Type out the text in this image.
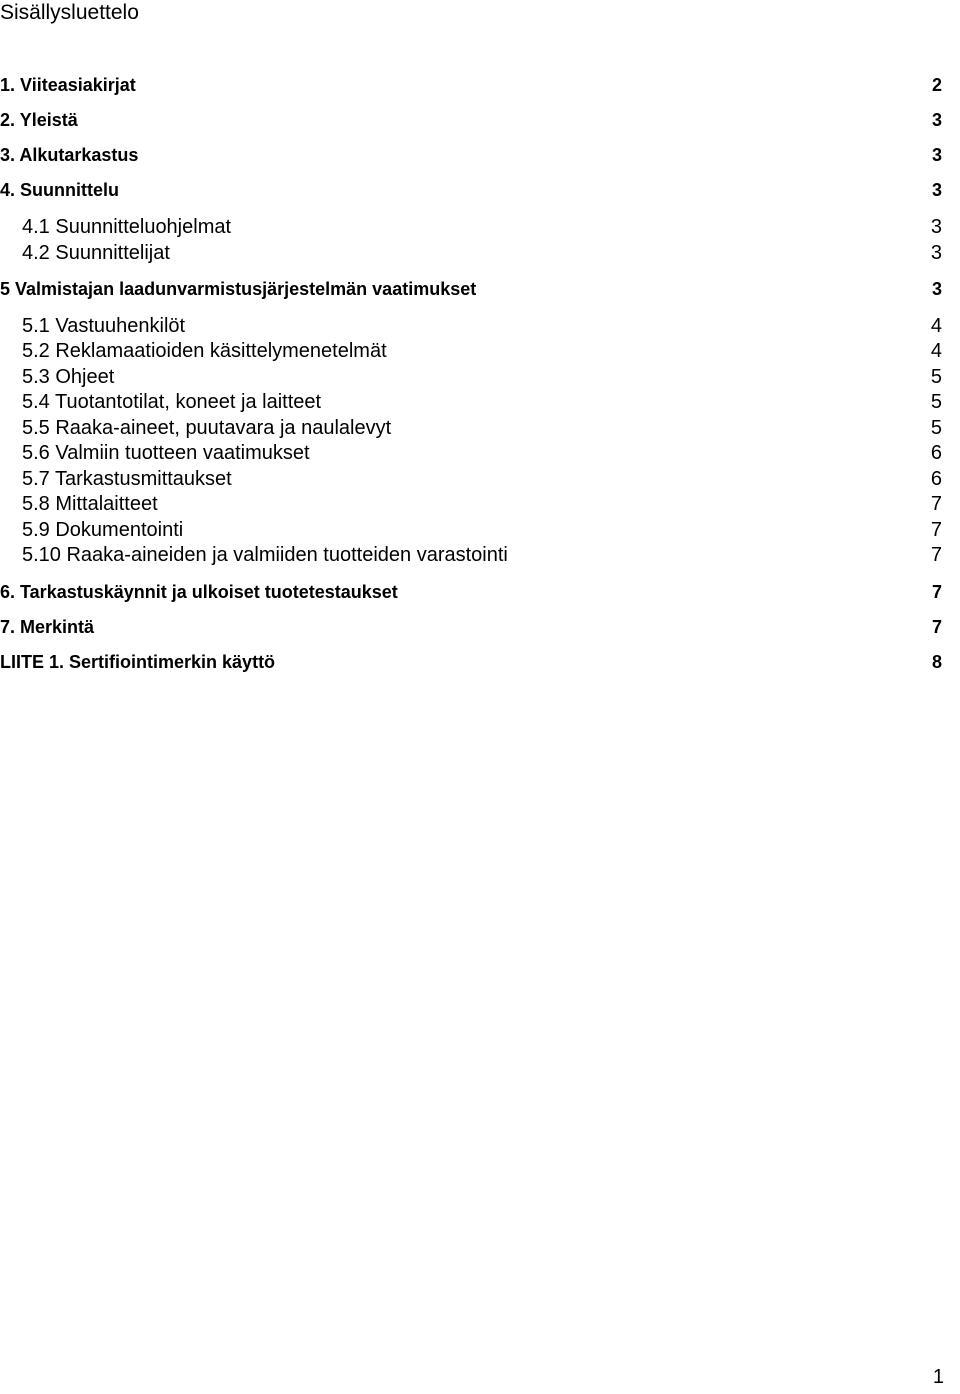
Sisällysluettelo
1. Viiteasiakirjat	2
2. Yleistä	3
3. Alkutarkastus	3
4. Suunnittelu	3
4.1 Suunnitteluohjelmat	3
4.2 Suunnittelijat	3
5 Valmistajan laadunvarmistusjärjestelmän vaatimukset	3
5.1 Vastuuhenkilöt	4
5.2 Reklamaatioiden käsittelymenetelmät	4
5.3 Ohjeet	5
5.4 Tuotantotilat, koneet ja laitteet	5
5.5 Raaka-aineet, puutavara ja naulalevyt	5
5.6 Valmiin tuotteen vaatimukset	6
5.7 Tarkastusmittaukset	6
5.8 Mittalaitteet	7
5.9 Dokumentointi	7
5.10 Raaka-aineiden ja valmiiden tuotteiden varastointi	7
6. Tarkastuskäynnit ja ulkoiset tuotetestaukset	7
7. Merkintä	7
LIITE 1. Sertifiointimerkin käyttö	8
1
